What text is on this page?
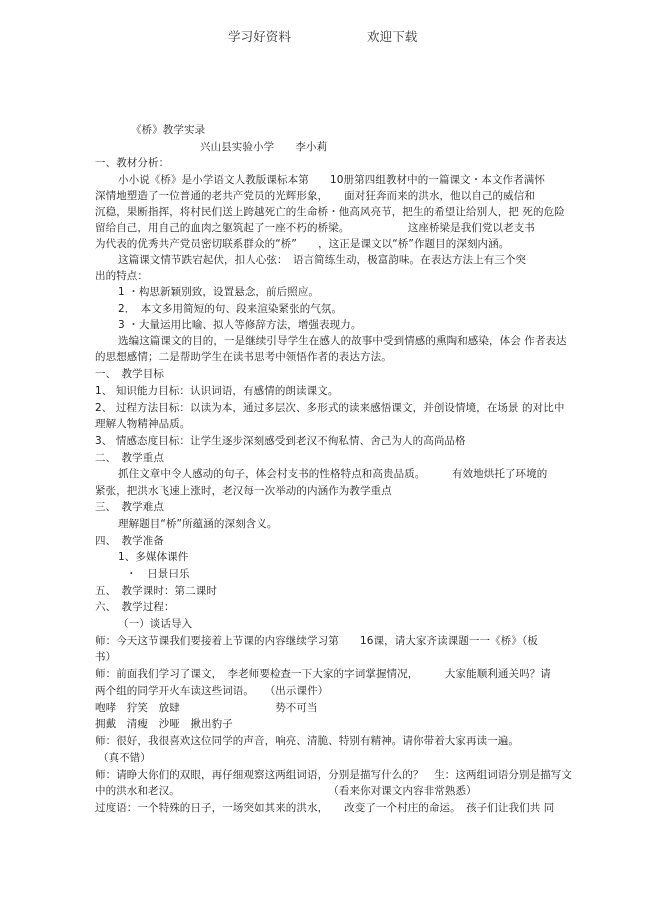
学习好资料	欢迎下载
《桥》教学实录
兴山县实验小学　　李小莉
一、教材分析：
小小说《桥》是小学语文人教版课标本第　　10册第四组教材中的一篇课文・本文作者满怀
深情地塑造了一位普通的老共产党员的光辉形象，　　面对狂奔而来的洪水，他以自己的威信和
沉稳，果断指挥，将村民们送上跨越死亡的生命桥・他高风亮节，把生的希望让给别人，把 死的危险
留给自己，用自己的血肉之躯筑起了一座不朽的桥梁。　　　　　　这座桥梁是我们党以老支书
为代表的优秀共产党员密切联系群众的“桥”　　，这正是课文以“桥”作题目的深刻内涵。
这篇课文情节跌宕起伏，扣人心弦：　语言简练生动，极富韵味。在表达方法上有三个突
出的特点：
1 ・构思新颖别致，设置悬念，前后照应。
2．　本文多用简短的句、段来渲染紧张的气氛。
3 ・大量运用比喻、拟人等修辞方法，增强表现力。
选编这篇课文的目的，一是继续引导学生在感人的故事中受到情感的熏陶和感染，体会 作者表达
的思想感情；二是帮助学生在读书思考中领悟作者的表达方法。
一、　教学目标
1、 知识能力目标：认识词语，有感情的朗读课文。
2、 过程方法目标：以读为本，通过多层次、多形式的读来感悟课文，并创设情境，在场景 的对比中
理解人物精神品质。
3、 情感态度目标：让学生逐步深刻感受到老汉不徇私情、舍己为人的高尚品格
二、　教学重点
抓住文章中令人感动的句子，体会村支书的性格特点和高贵品质。　　　有效地烘托了环境的
紧张，把洪水飞速上涨时，老汉每一次举动的内涵作为教学重点
三、　教学难点
理解题目“桥”所蕴涵的深刻含义。
四、　教学准备
1、多媒体课件
・　日景曰乐
五、　教学课时：第二课时
六、　教学过程：
（一）谈话导入
师：今天这节课我们要接着上节课的内容继续学习第　　16课，请大家齐读课题一一《桥》（板
书）
师：前面我们学习了课文，　李老师要检查一下大家的字词掌握情况，　　　大家能顺利通关吗？请
两个组的同学开火车读这些词语。　　（出示课件）
咆哮　狞笑　放肆　　　　　　　　　势不可当
拥戴　清瘦　沙哑　揪出豹子
师：很好，我很喜欢这位同学的声音，响亮、清脆、特别有精神。请你带着大家再读一遍。
（真不错）
师：请睁大你们的双眼，再仔细观察这两组词语，分别是描写什么的？　生：这两组词语分别是描写文
中的洪水和老汉。　　　　　　　　　　　　　　　（看来你对课文内容非常熟悉）
过度语：一个特殊的日子，一场突如其来的洪水，　　改变了一个村庄的命运。　孩子们让我们共 同
